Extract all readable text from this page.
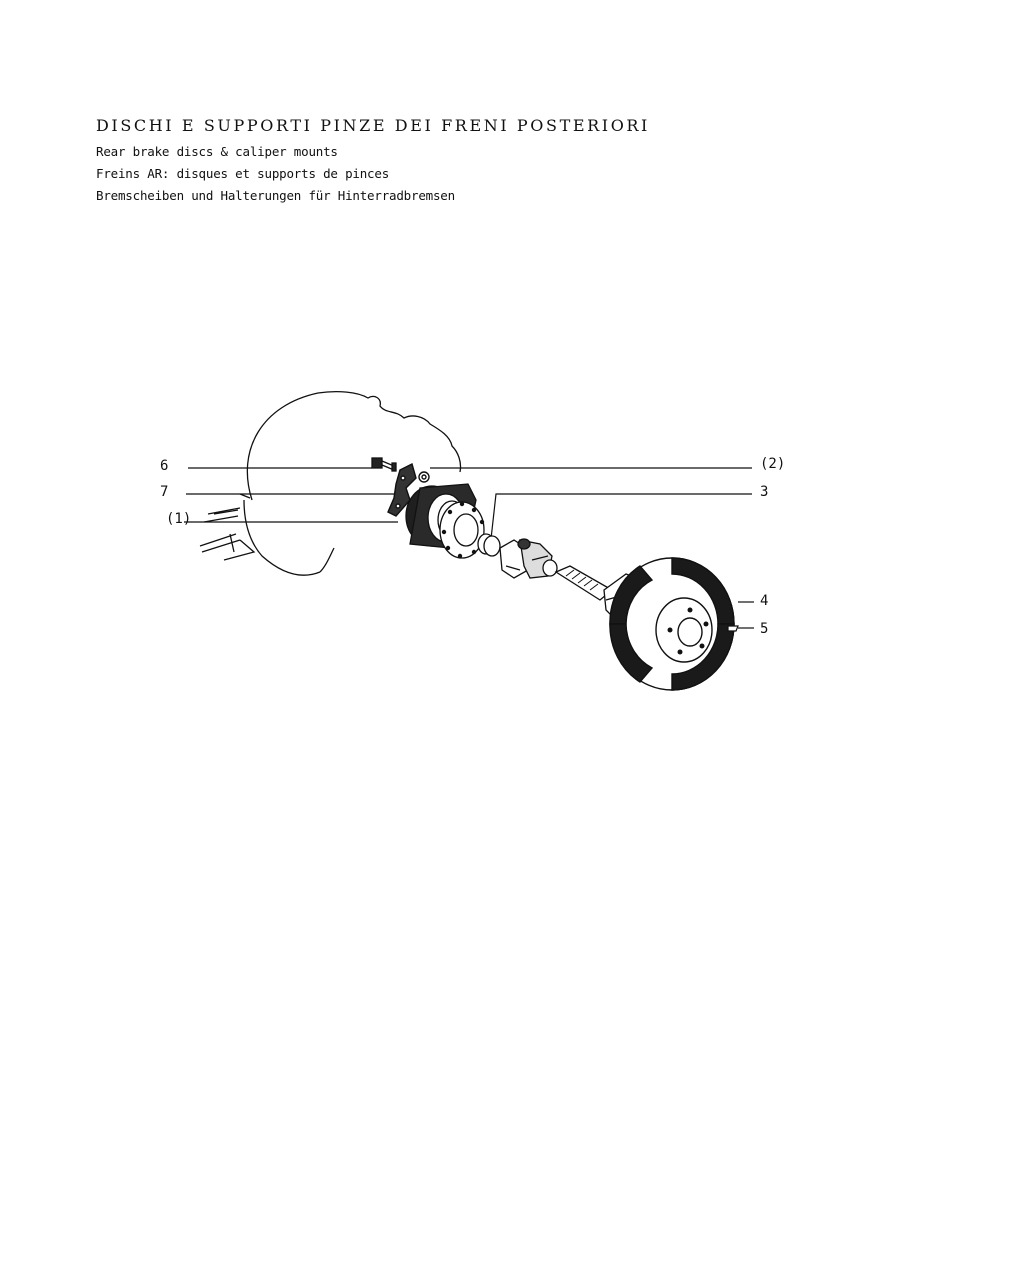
DISCHI E SUPPORTI PINZE DEI FRENI POSTERIORI

Rear brake discs & caliper mounts

Freins AR: disques et supports de pinces

Bremscheiben und Halterungen für Hinterradbremsen

6
7
(1)
(2)
3
4
5
